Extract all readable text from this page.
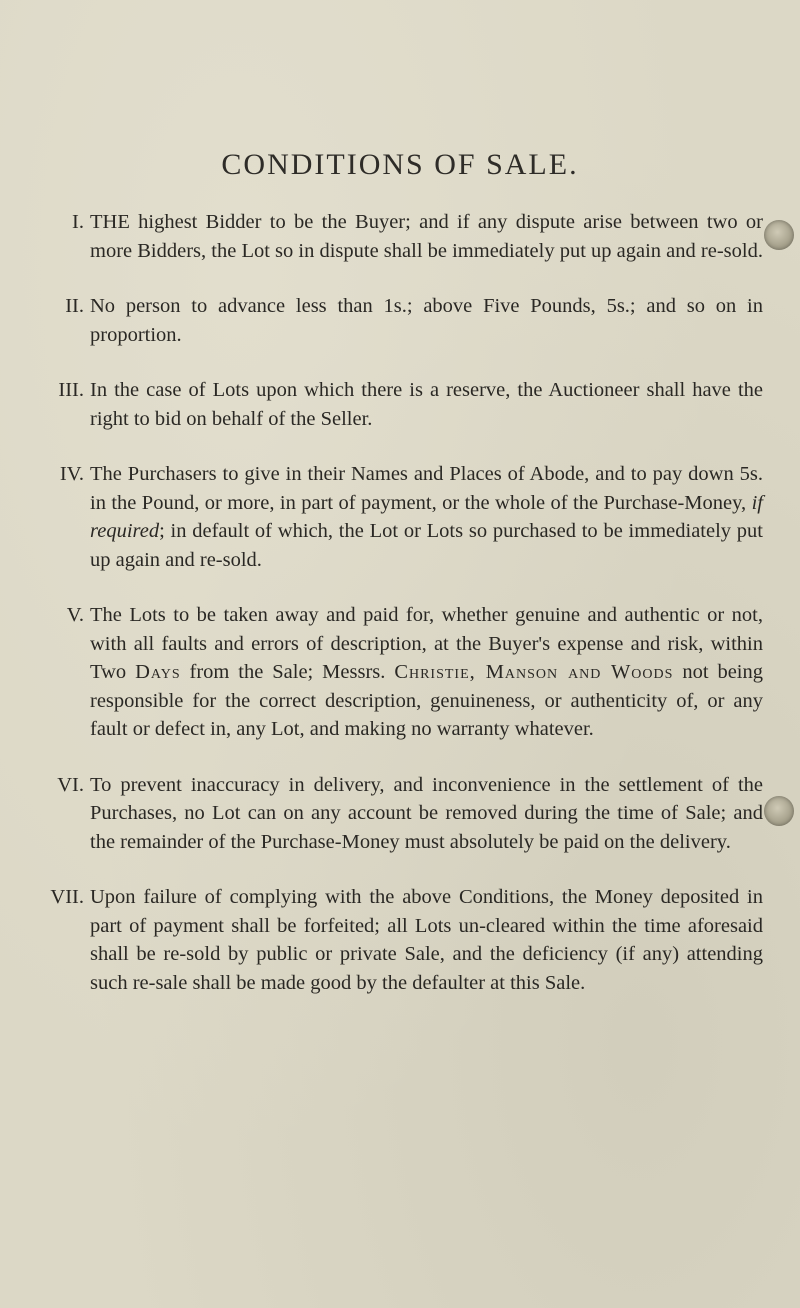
CONDITIONS OF SALE.
I. THE highest Bidder to be the Buyer; and if any dispute arise between two or more Bidders, the Lot so in dispute shall be immediately put up again and re-sold.
II. No person to advance less than 1s.; above Five Pounds, 5s.; and so on in proportion.
III. In the case of Lots upon which there is a reserve, the Auctioneer shall have the right to bid on behalf of the Seller.
IV. The Purchasers to give in their Names and Places of Abode, and to pay down 5s. in the Pound, or more, in part of payment, or the whole of the Purchase-Money, if required; in default of which, the Lot or Lots so purchased to be immediately put up again and re-sold.
V. The Lots to be taken away and paid for, whether genuine and authentic or not, with all faults and errors of description, at the Buyer's expense and risk, within Two Days from the Sale; Messrs. Christie, Manson and Woods not being responsible for the correct description, genuineness, or authenticity of, or any fault or defect in, any Lot, and making no warranty whatever.
VI. To prevent inaccuracy in delivery, and inconvenience in the settlement of the Purchases, no Lot can on any account be removed during the time of Sale; and the remainder of the Purchase-Money must absolutely be paid on the delivery.
VII. Upon failure of complying with the above Conditions, the Money deposited in part of payment shall be forfeited; all Lots un-cleared within the time aforesaid shall be re-sold by public or private Sale, and the deficiency (if any) attending such re-sale shall be made good by the defaulter at this Sale.
